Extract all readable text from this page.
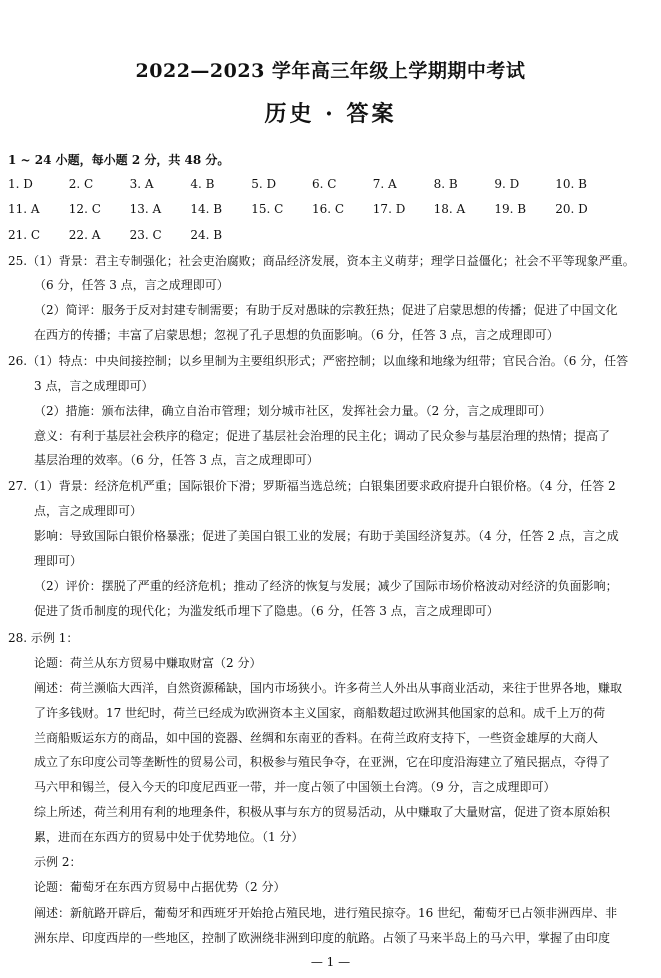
2022—2023 学年高三年级上学期期中考试
历史 · 答案
1 ~ 24 小题，每小题 2 分，共 48 分。
1. D	2. C	3. A	4. B	5. D	6. C	7. A	8. B	9. D	10. B
11. A 12. C 13. A 14. B 15. C 16. C 17. D 18. A 19. B 20. D
21. C 22. A 23. C 24. B
25.（1）背景：君主专制强化；社会吏治腐败；商品经济发展，资本主义萌芽；理学日益僵化；社会不平等现象严重。
（6 分，任答 3 点，言之成理即可）
（2）简评：服务于反对封建专制需要；有助于反对愚昧的宗教狂热；促进了启蒙思想的传播；促进了中国文化
在西方的传播；丰富了启蒙思想；忽视了孔子思想的负面影响。（6 分，任答 3 点，言之成理即可）
26.（1）特点：中央间接控制；以乡里制为主要组织形式；严密控制；以血缘和地缘为纽带；官民合治。（6 分，任答
3 点，言之成理即可）
（2）措施：颁布法律，确立自治市管理；划分城市社区，发挥社会力量。（2 分，言之成理即可）
意义：有利于基层社会秩序的稳定；促进了基层社会治理的民主化；调动了民众参与基层治理的热情；提高了
基层治理的效率。（6 分，任答 3 点，言之成理即可）
27.（1）背景：经济危机严重；国际银价下滑；罗斯福当选总统；白银集团要求政府提升白银价格。（4 分，任答 2
点，言之成理即可）
影响：导致国际白银价格暴涨；促进了美国白银工业的发展；有助于美国经济复苏。（4 分，任答 2 点，言之成
理即可）
（2）评价：摆脱了严重的经济危机；推动了经济的恢复与发展；减少了国际市场价格波动对经济的负面影响；
促进了货币制度的现代化；为滥发纸币埋下了隐患。（6 分，任答 3 点，言之成理即可）
28. 示例 1：
论题：荷兰从东方贸易中赚取财富（2 分）
阐述：荷兰濒临大西洋，自然资源稀缺，国内市场狭小。许多荷兰人外出从事商业活动，来往于世界各地，赚取
了许多钱财。17 世纪时，荷兰已经成为欧洲资本主义国家，商船数超过欧洲其他国家的总和。成千上万的荷
兰商船贩运东方的商品，如中国的瓷器、丝绸和东南亚的香料。在荷兰政府支持下，一些资金雄厚的大商人
成立了东印度公司等垄断性的贸易公司，积极参与殖民争夺，在亚洲，它在印度沿海建立了殖民据点，夺得了
马六甲和锡兰，侵入今天的印度尼西亚一带，并一度占领了中国领土台湾。（9 分，言之成理即可）
综上所述，荷兰利用有利的地理条件，积极从事与东方的贸易活动，从中赚取了大量财富，促进了资本原始积
累，进而在东西方的贸易中处于优势地位。（1 分）
示例 2：
论题：葡萄牙在东西方贸易中占据优势（2 分）
阐述：新航路开辟后，葡萄牙和西班牙开始抢占殖民地，进行殖民掠夺。16 世纪，葡萄牙已占领非洲西岸、非
洲东岸、印度西岸的一些地区，控制了欧洲绕非洲到印度的航路。占领了马来半岛上的马六甲，掌握了由印度
— 1 —
